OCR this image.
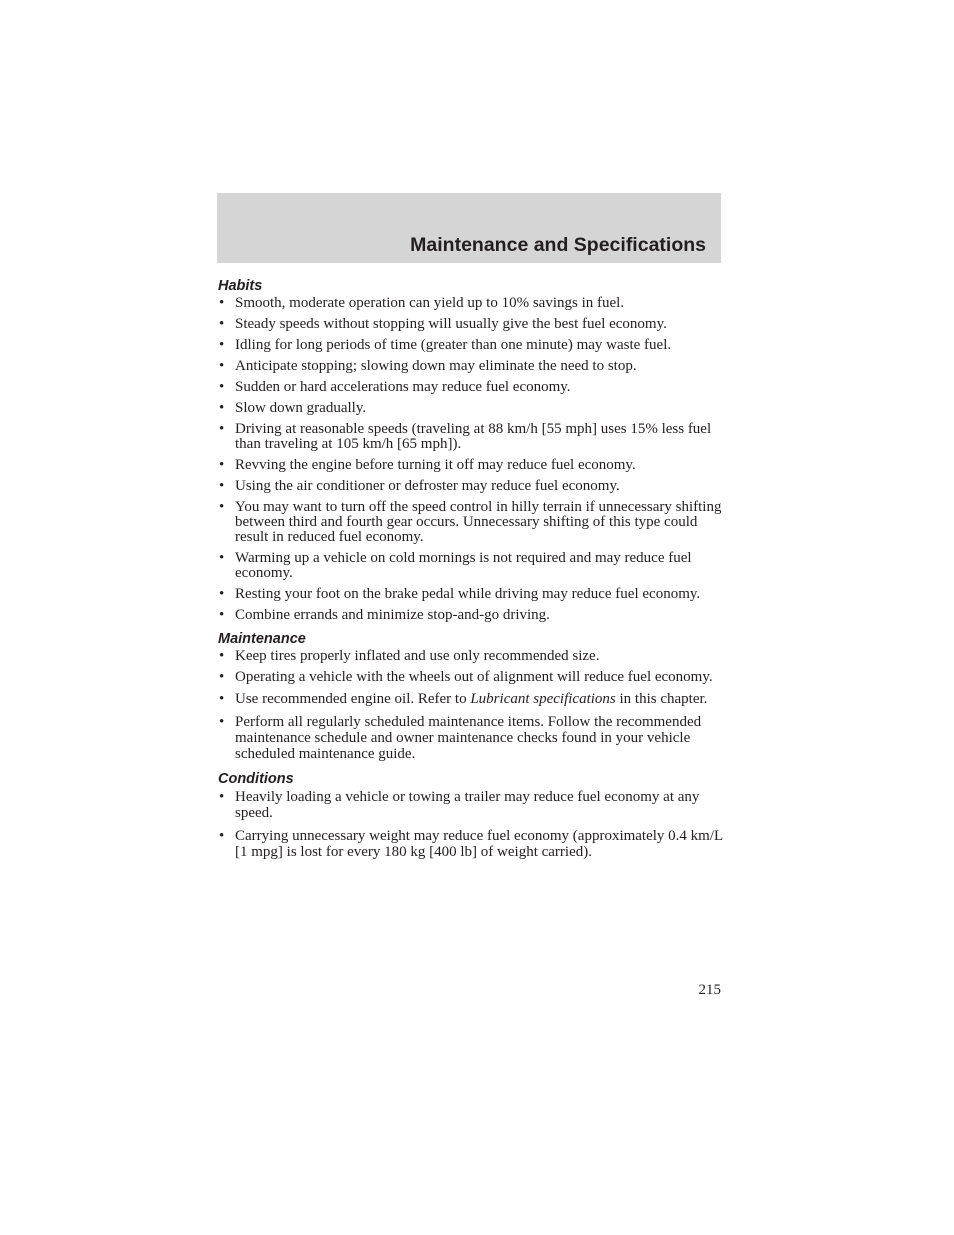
Maintenance and Specifications
Habits
• Smooth, moderate operation can yield up to 10% savings in fuel.
• Steady speeds without stopping will usually give the best fuel economy.
• Idling for long periods of time (greater than one minute) may waste fuel.
• Anticipate stopping; slowing down may eliminate the need to stop.
• Sudden or hard accelerations may reduce fuel economy.
• Slow down gradually.
• Driving at reasonable speeds (traveling at 88 km/h [55 mph] uses 15% less fuel than traveling at 105 km/h [65 mph]).
• Revving the engine before turning it off may reduce fuel economy.
• Using the air conditioner or defroster may reduce fuel economy.
• You may want to turn off the speed control in hilly terrain if unnecessary shifting between third and fourth gear occurs. Unnecessary shifting of this type could result in reduced fuel economy.
• Warming up a vehicle on cold mornings is not required and may reduce fuel economy.
• Resting your foot on the brake pedal while driving may reduce fuel economy.
• Combine errands and minimize stop-and-go driving.
Maintenance
• Keep tires properly inflated and use only recommended size.
• Operating a vehicle with the wheels out of alignment will reduce fuel economy.
• Use recommended engine oil. Refer to Lubricant specifications in this chapter.
• Perform all regularly scheduled maintenance items. Follow the recommended maintenance schedule and owner maintenance checks found in your vehicle scheduled maintenance guide.
Conditions
• Heavily loading a vehicle or towing a trailer may reduce fuel economy at any speed.
• Carrying unnecessary weight may reduce fuel economy (approximately 0.4 km/L [1 mpg] is lost for every 180 kg [400 lb] of weight carried).
215
